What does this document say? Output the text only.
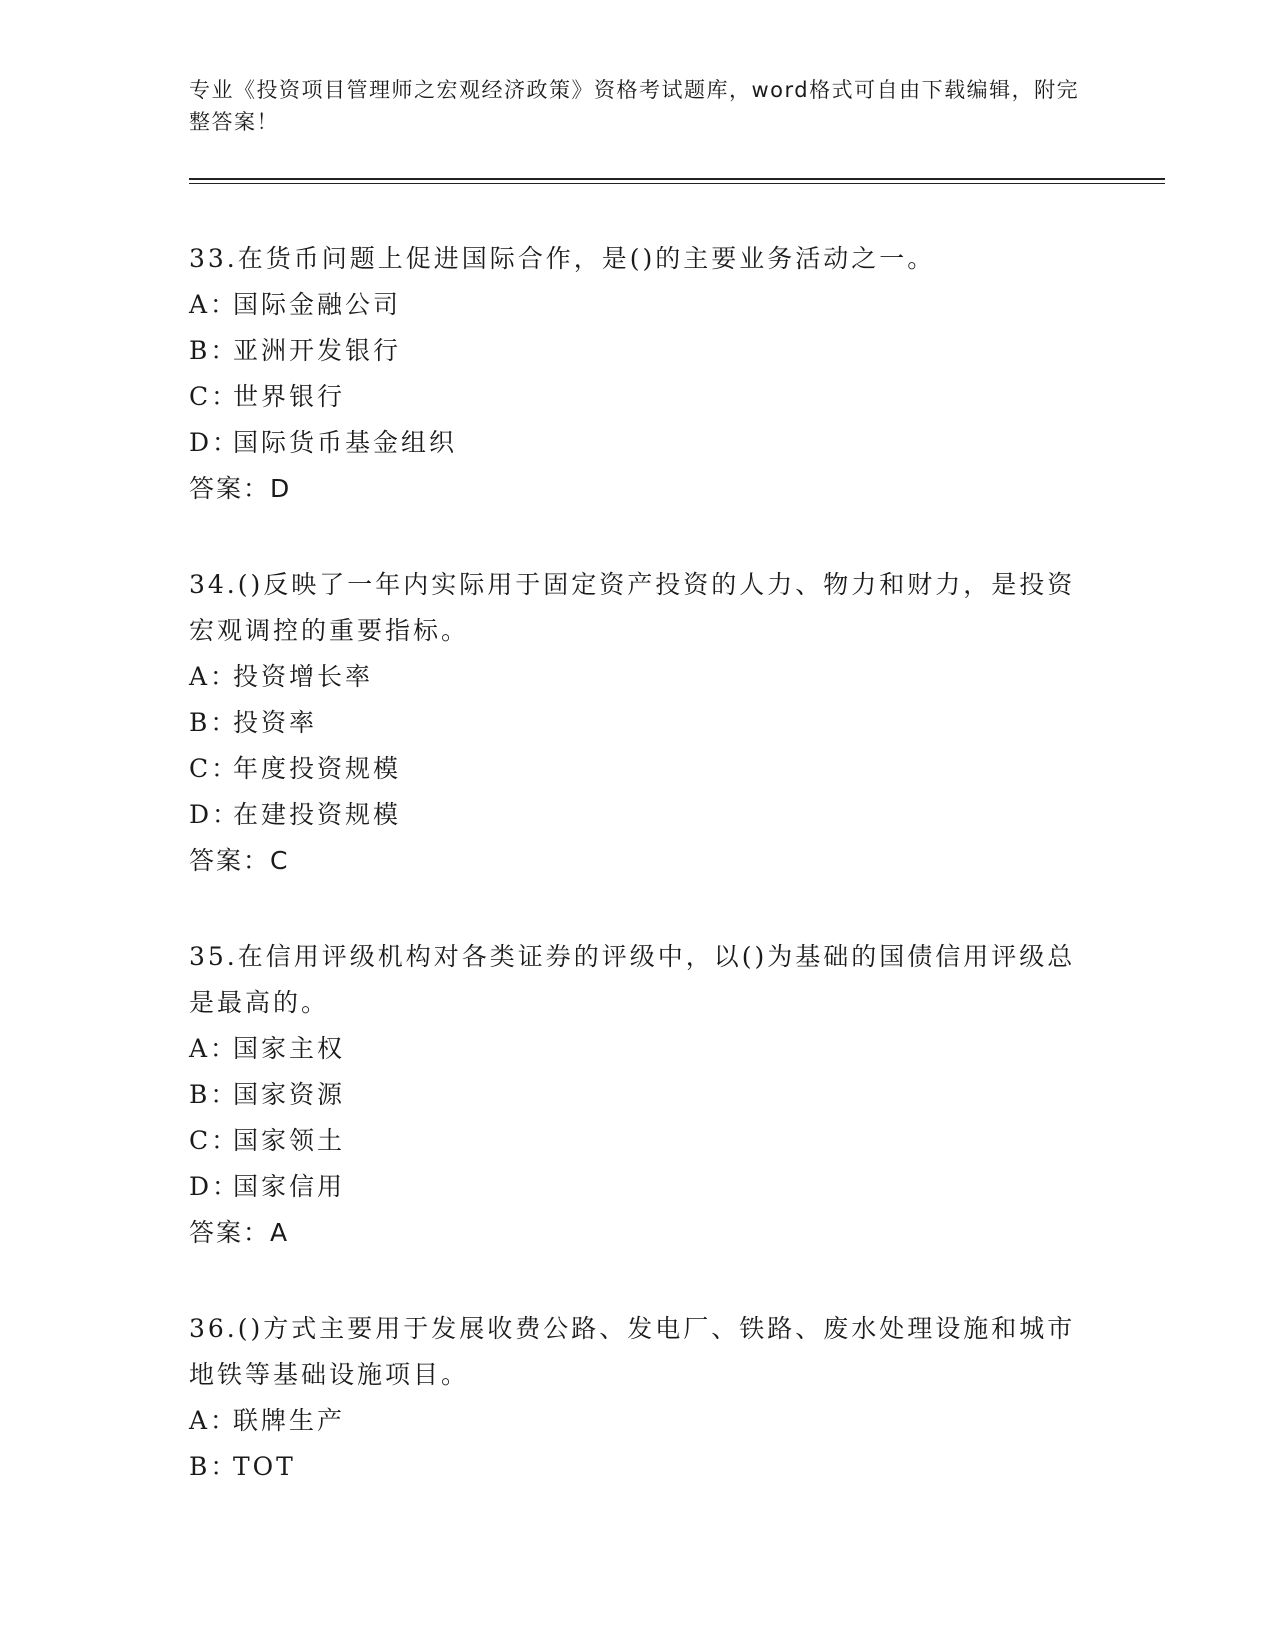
专业《投资项目管理师之宏观经济政策》资格考试题库，word格式可自由下载编辑，附完整答案！
33.在货币问题上促进国际合作，是()的主要业务活动之一。
A：国际金融公司
B：亚洲开发银行
C：世界银行
D：国际货币基金组织
答案：D
34.()反映了一年内实际用于固定资产投资的人力、物力和财力，是投资宏观调控的重要指标。
A：投资增长率
B：投资率
C：年度投资规模
D：在建投资规模
答案：C
35.在信用评级机构对各类证券的评级中，以()为基础的国债信用评级总是最高的。
A：国家主权
B：国家资源
C：国家领土
D：国家信用
答案：A
36.()方式主要用于发展收费公路、发电厂、铁路、废水处理设施和城市地铁等基础设施项目。
A：联牌生产
B：TOT
